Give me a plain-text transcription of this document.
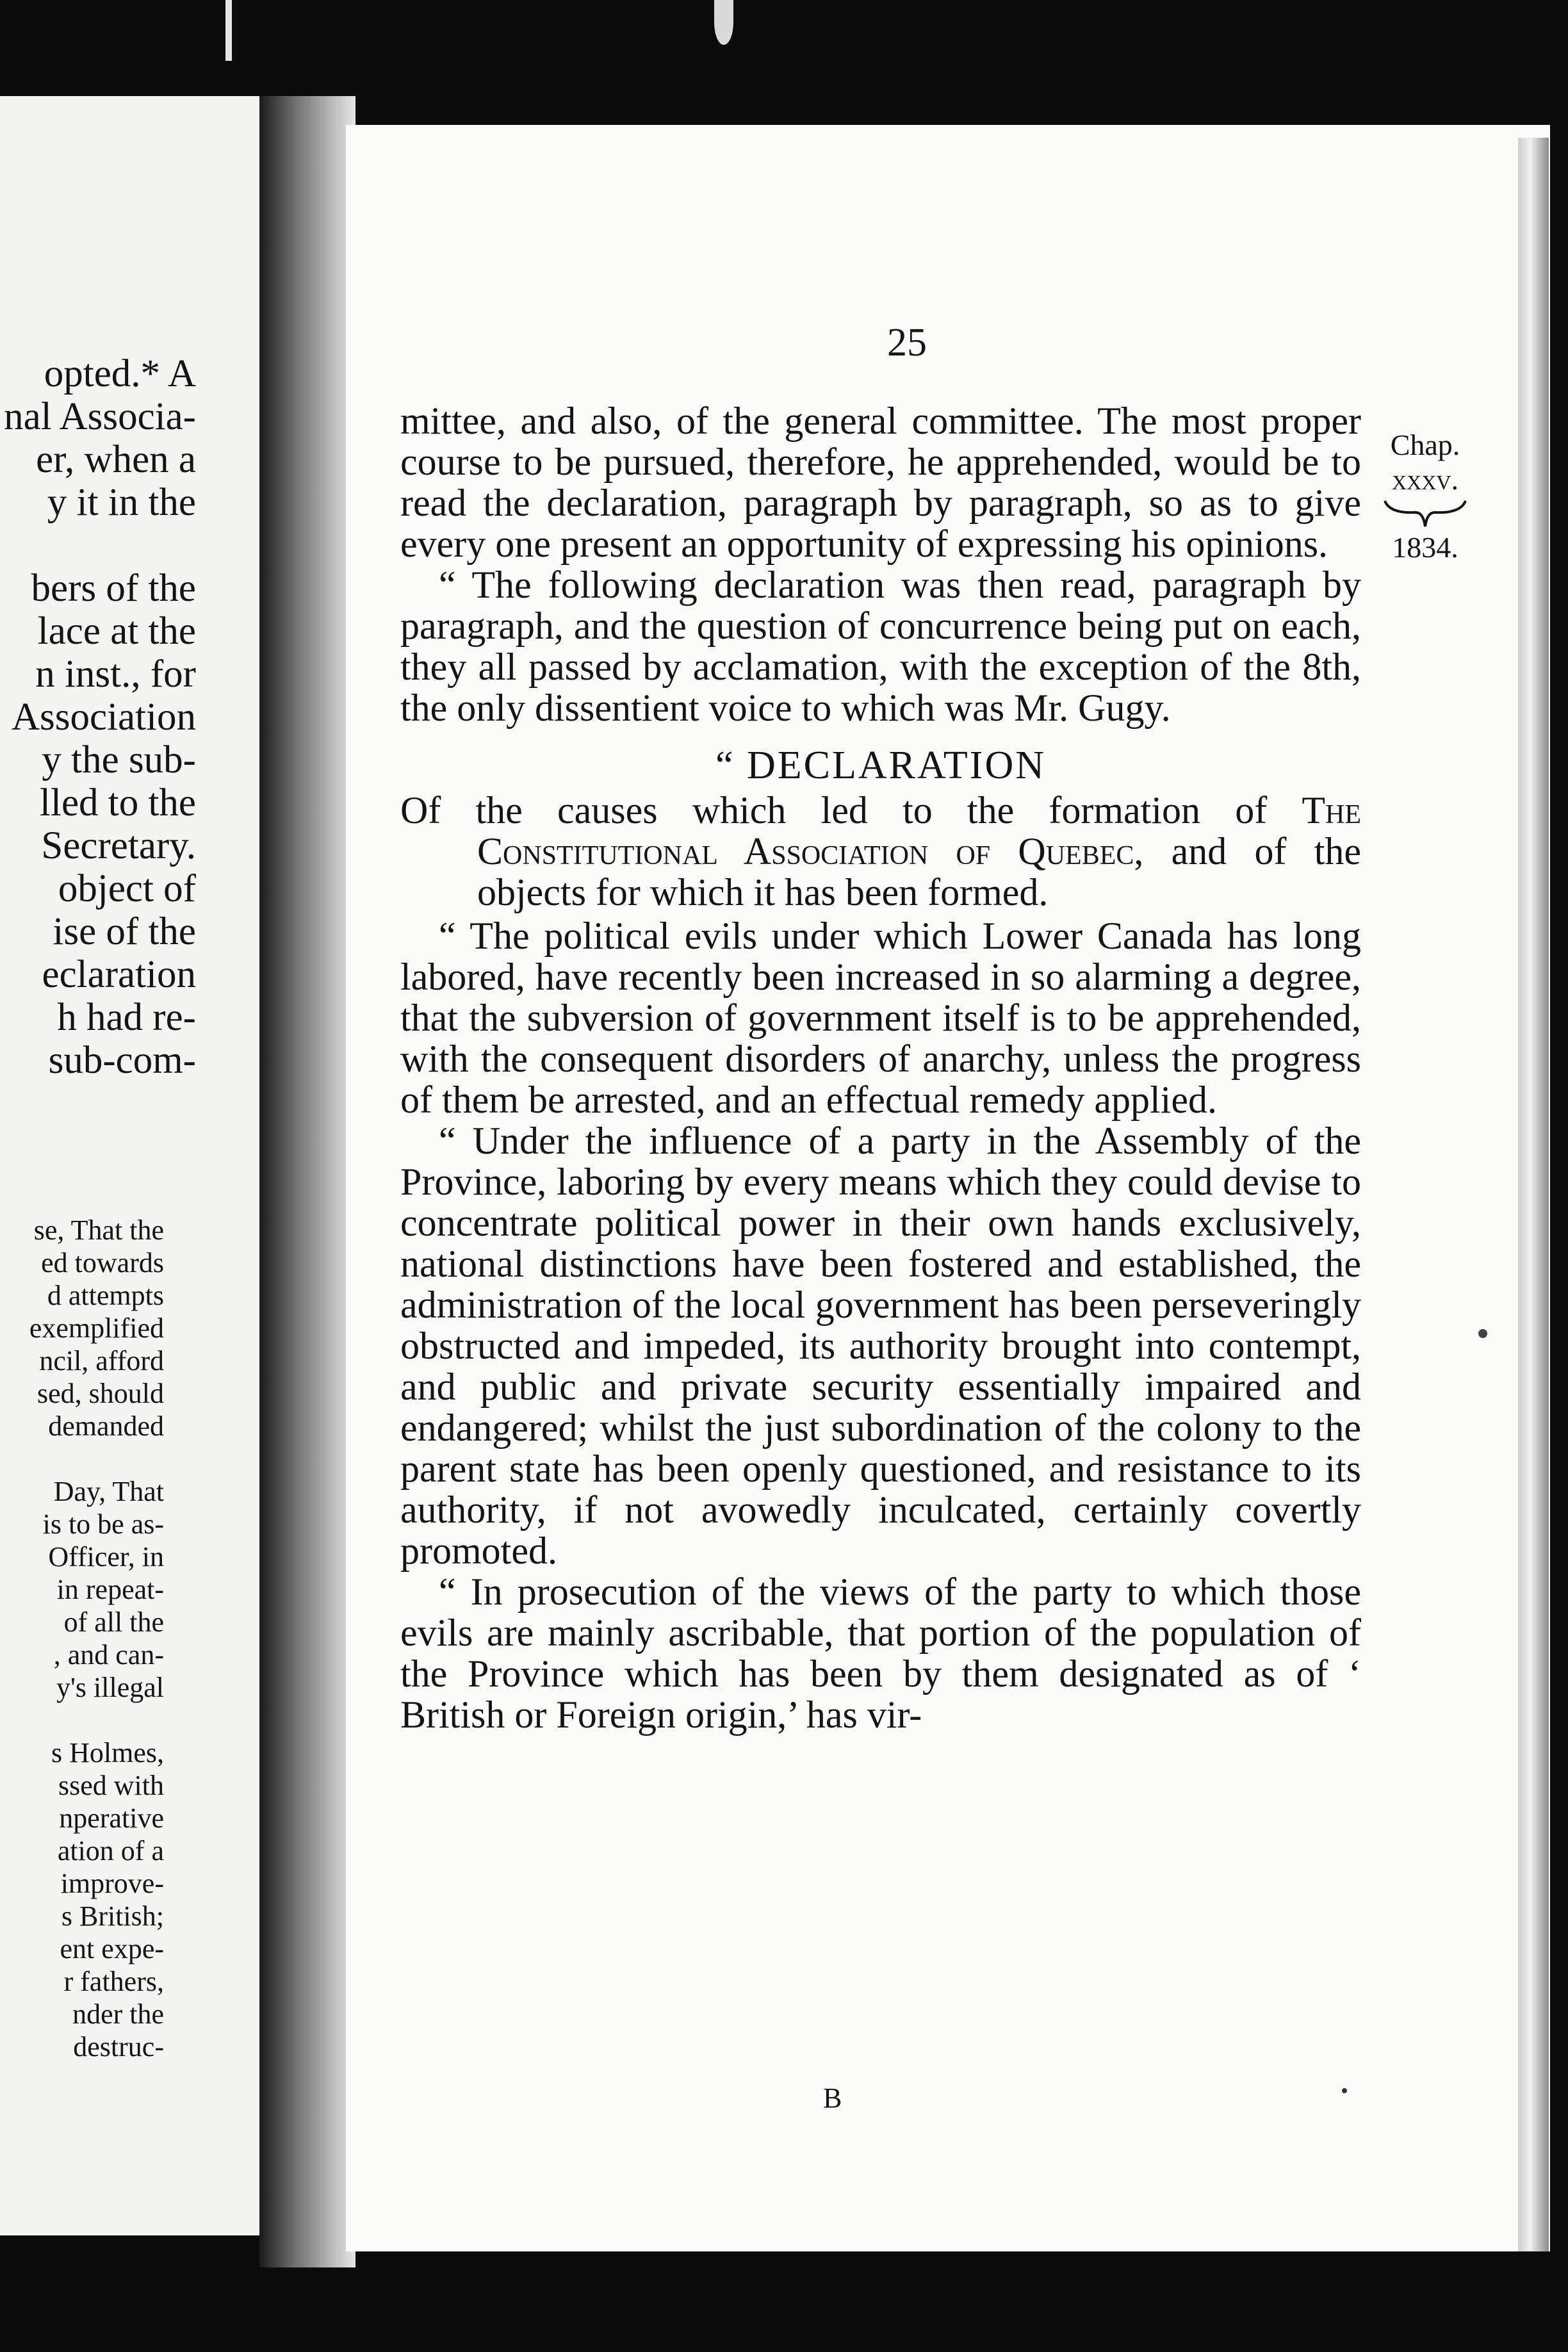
opted.* A
nal Associa-
er, when a
y it in the
bers of the
lace at the
n inst., for
Association
y the sub-
lled to the
Secretary.
object of
ise of the
eclaration
h had re-
sub-com-
se, That the
ed towards
d attempts
exemplified
ncil, afford
sed, should
demanded
Day, That
is to be as-
Officer, in
in repeat-
of all the
, and can-
y's illegal
s Holmes,
ssed with
nperative
ation of a
improve-
s British;
ent expe-
r fathers,
nder the
destruc-
25
Chap.
xxxv.
1834.

mittee, and also, of the general committee. The most proper course to be pursued, therefore, he apprehended, would be to read the declaration, paragraph by paragraph, so as to give every one present an opportunity of expressing his opinions.

“ The following declaration was then read, paragraph by paragraph, and the question of concurrence being put on each, they all passed by acclamation, with the exception of the 8th, the only dissentient voice to which was Mr. Gugy.

“ DECLARATION

Of the causes which led to the formation of The Constitutional Association of Quebec, and of the objects for which it has been formed.

“ The political evils under which Lower Canada has long labored, have recently been increased in so alarming a degree, that the subversion of government itself is to be apprehended, with the consequent disorders of anarchy, unless the progress of them be arrested, and an effectual remedy applied.

“ Under the influence of a party in the Assembly of the Province, laboring by every means which they could devise to concentrate political power in their own hands exclusively, national distinctions have been fostered and established, the administration of the local government has been perseveringly obstructed and impeded, its authority brought into contempt, and public and private security essentially impaired and endangered; whilst the just subordination of the colony to the parent state has been openly questioned, and resistance to its authority, if not avowedly inculcated, certainly covertly promoted.

“ In prosecution of the views of the party to which those evils are mainly ascribable, that portion of the population of the Province which has been by them designated as of ‘ British or Foreign origin,’ has vir-

B
